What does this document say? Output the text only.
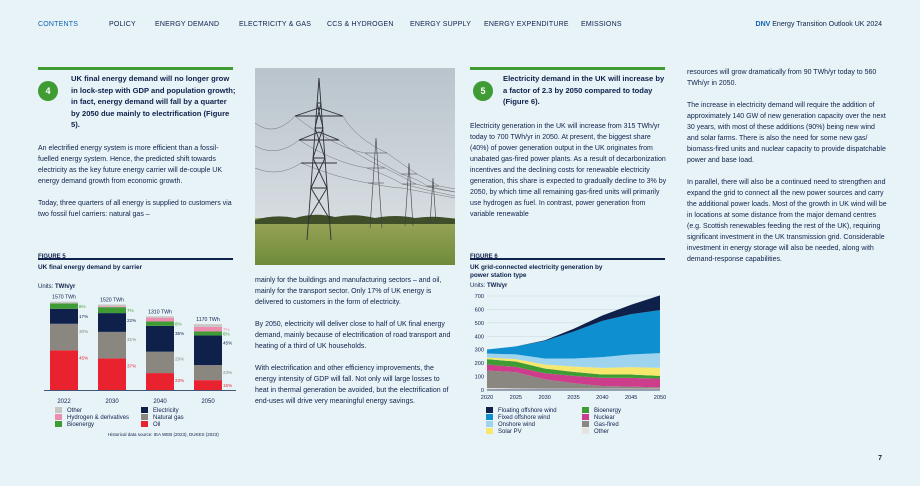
CONTENTS	POLICY	ENERGY DEMAND	ELECTRICITY & GAS CCS & HYDROGEN ENERGY SUPPLY ENERGY EXPENDITURE EMISSIONS	DNV Energy Transition Outlook UK 2024
4
UK final energy demand will no longer grow in lock-step with GDP and population growth; in fact, energy demand will fall by a quarter by 2050 due mainly to electrification (Figure 5).

An electrified energy system is more efficient than a fossil-fuelled energy system. Hence, the predicted shift towards electricity as the key future energy carrier will de-couple UK energy demand growth from economic growth.

Today, three quarters of all energy is supplied to customers via two fossil fuel carriers: natural gas –

FIGURE 5
UK final energy demand by carrier
Units: TWh/yr
45%
30%
17%
6%
1570 TWh
2022
37%
31%
22%
7%
1520 TWh
2030
23%
29%
35%
6%
1310 TWh
2040
15%
23%
45%
6%
7%
1170 TWh
2050
Other
Hydrogen & derivatives
Bioenergy
Electricity
Natural gas
Oil
Historical data source: IEA WEB (2023), DUKES (2023)

mainly for the buildings and manufacturing sectors – and oil, mainly for the transport sector. Only 17% of UK energy is delivered to customers in the form of electricity.

By 2050, electricity will deliver close to half of UK final energy demand, mainly because of electrification of road transport and heating of a third of UK households.

With electrification and other efficiency improvements, the energy intensity of GDP will fall. Not only will large losses to heat in thermal generation be avoided, but the electrification of end-uses will drive very meaningful energy savings.

5
Electricity demand in the UK will increase by a factor of 2.3 by 2050 compared to today (Figure 6).

Electricity generation in the UK will increase from 315 TWh/yr today to 700 TWh/yr in 2050. At present, the biggest share (40%) of power generation output in the UK originates from unabated gas-fired power plants. As a result of decarbonization incentives and the declining costs for renewable electricity generation, this share is expected to gradually decline to 3% by 2050, by which time all remaining gas-fired units will primarily use hydrogen as fuel. In contrast, power generation from variable renewable

FIGURE 6
UK grid-connected electricity generation by power station type
Units: TWh/yr
0
100
200
300
400
500
600
700
2020	2025	2030	2035	2040	2045	2050
Floating offshore wind
Fixed offshore wind
Onshore wind
Solar PV
Bioenergy
Nuclear
Gas-fired
Other

resources will grow dramatically from 90 TWh/yr today to 560 TWh/yr in 2050.

The increase in electricity demand will require the addition of approximately 140 GW of new generation capacity over the next 30 years, with most of these additions (90%) being new wind and solar farms. There is also the need for some new gas/ biomass-fired units and nuclear capacity to provide dispatchable power and base load.

In parallel, there will also be a continued need to strengthen and expand the grid to connect all the new power sources and carry the additional power loads. Most of the growth in UK wind will be in locations at some distance from the major demand centres (e.g. Scottish renewables feeding the rest of the UK), requiring significant investment in the UK transmission grid. Considerable investment in energy storage will also be needed, along with demand-response capabilities.

7
